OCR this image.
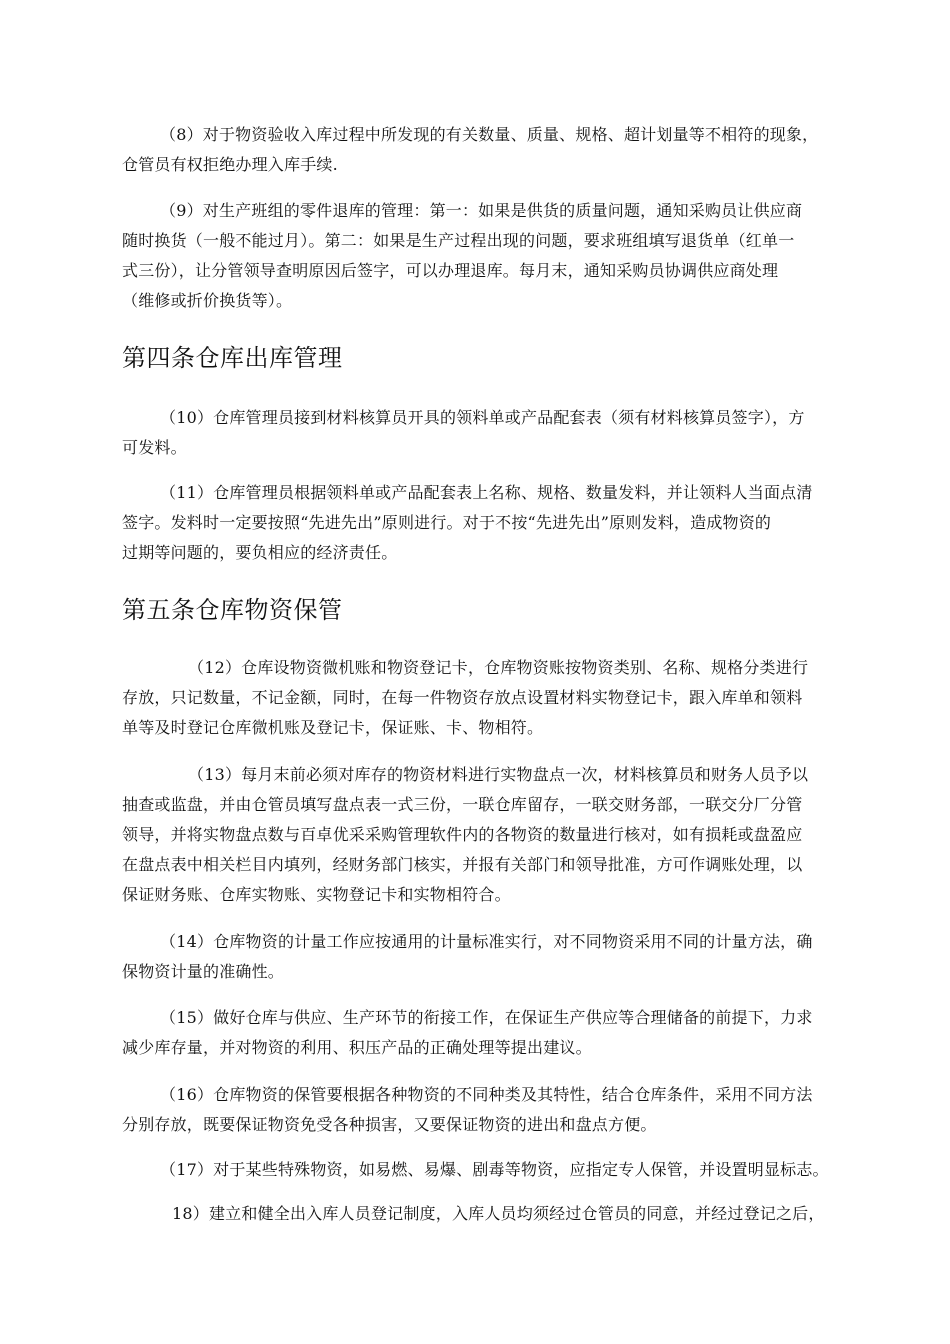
（8）对于物资验收入库过程中所发现的有关数量、质量、规格、超计划量等不相符的现象，
仓管员有权拒绝办理入库手续.

（9）对生产班组的零件退库的管理：第一：如果是供货的质量问题，通知采购员让供应商
随时换货（一般不能过月）。第二：如果是生产过程出现的问题，要求班组填写退货单（红单一
式三份），让分管领导查明原因后签字，可以办理退库。每月末，通知采购员协调供应商处理
（维修或折价换货等）。

第四条仓库出库管理

（10）仓库管理员接到材料核算员开具的领料单或产品配套表（须有材料核算员签字），方
可发料。

（11）仓库管理员根据领料单或产品配套表上名称、规格、数量发料，并让领料人当面点清
签字。发料时一定要按照“先进先出”原则进行。对于不按“先进先出”原则发料，造成物资的
过期等问题的，要负相应的经济责任。

第五条仓库物资保管

（12）仓库设物资微机账和物资登记卡，仓库物资账按物资类别、名称、规格分类进行
存放，只记数量，不记金额，同时，在每一件物资存放点设置材料实物登记卡，跟入库单和领料
单等及时登记仓库微机账及登记卡，保证账、卡、物相符。

（13）每月末前必须对库存的物资材料进行实物盘点一次，材料核算员和财务人员予以
抽查或监盘，并由仓管员填写盘点表一式三份，一联仓库留存，一联交财务部，一联交分厂分管
领导，并将实物盘点数与百卓优采采购管理软件内的各物资的数量进行核对，如有损耗或盘盈应
在盘点表中相关栏目内填列，经财务部门核实，并报有关部门和领导批准，方可作调账处理，以
保证财务账、仓库实物账、实物登记卡和实物相符合。

（14）仓库物资的计量工作应按通用的计量标准实行，对不同物资采用不同的计量方法，确
保物资计量的准确性。

（15）做好仓库与供应、生产环节的衔接工作，在保证生产供应等合理储备的前提下，力求
减少库存量，并对物资的利用、积压产品的正确处理等提出建议。

（16）仓库物资的保管要根据各种物资的不同种类及其特性，结合仓库条件，采用不同方法
分别存放，既要保证物资免受各种损害，又要保证物资的进出和盘点方便。

（17）对于某些特殊物资，如易燃、易爆、剧毒等物资，应指定专人保管，并设置明显标志。

18）建立和健全出入库人员登记制度，入库人员均须经过仓管员的同意，并经过登记之后，
